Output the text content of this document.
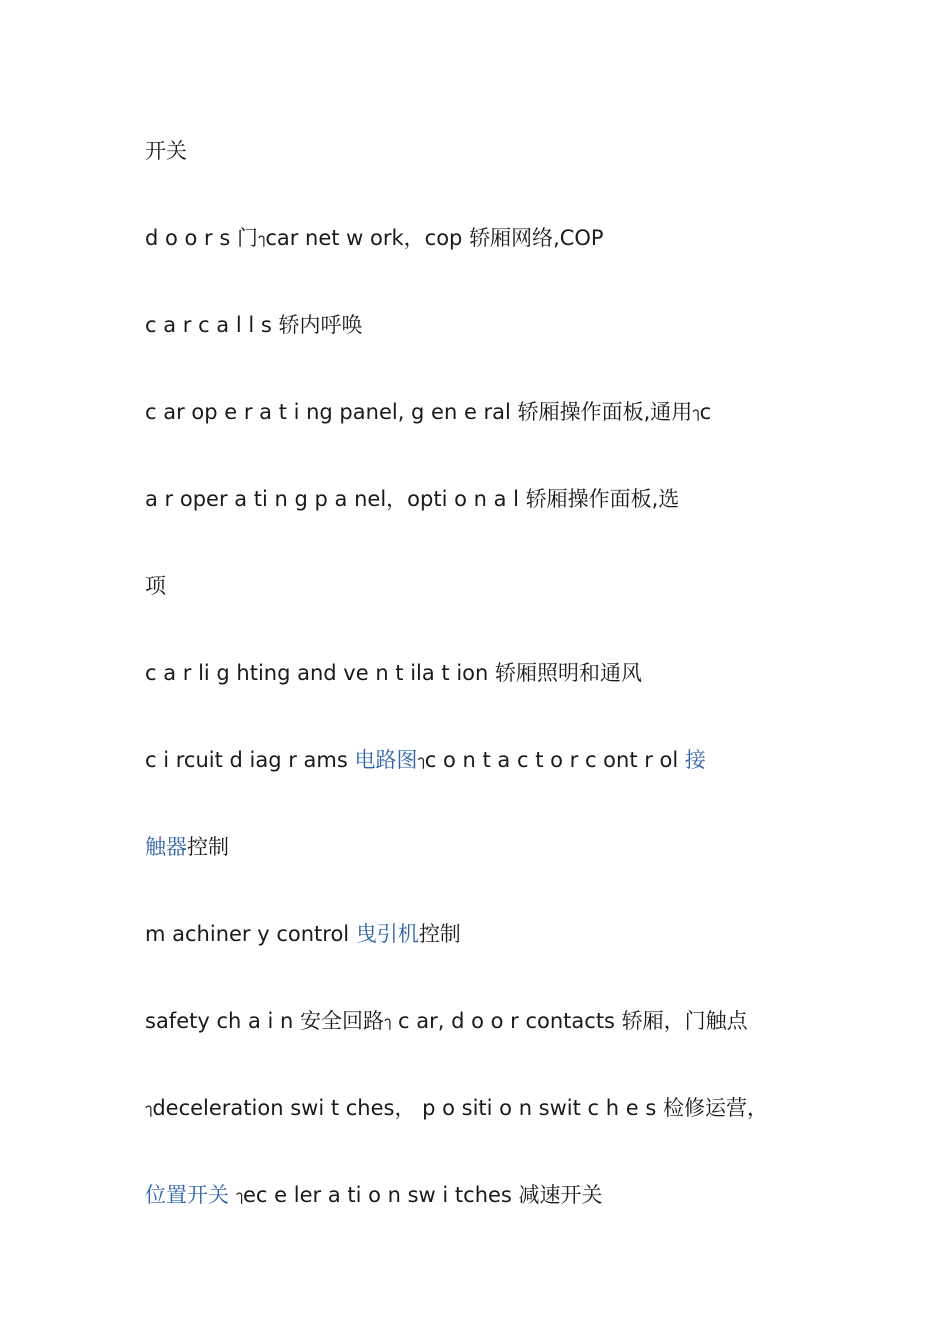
开关
d o o r s 门ๅcar net w ork，cop 轿厢网络,COP
c a r c a l l s 轿内呼唤
c ar op e r a t i ng panel, g en e ral 轿厢操作面板,通用ๅc
a r oper a ti n g p a nel，opti o n a l 轿厢操作面板,选
项
c a r li g hting and ve n t ila t ion 轿厢照明和通风
c i rcuit d iag r ams 电路图ๅc o n t a c t o r c ont r ol 接
触器控制
m achiner y control 曳引机控制
safety ch a i n 安全回路ๅ c ar, d o o r contacts 轿厢，门触点
ๅdeceleration swi t ches， p o siti o n swit c h e s 检修运营，
位置开关 ๅec e ler a ti o n sw i tches 减速开关
